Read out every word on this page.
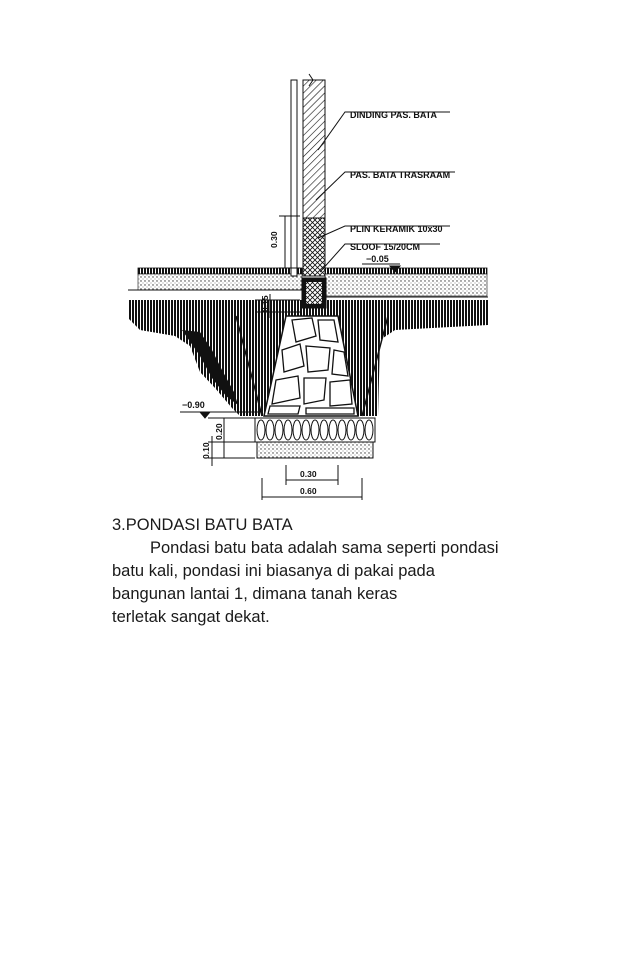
DINDING PAS. BATA
PAS. BATA TRASRAAM
PLIN KERAMIK 10x30
SLOOF 15/20CM
−0.05
−0.90
0.30
0.15
0.20
0.10
0.30
0.60
3.PONDASI BATU BATA

Pondasi batu bata adalah sama seperti pondasi

batu kali, pondasi ini biasanya di pakai pada

bangunan lantai 1, dimana tanah keras

terletak sangat dekat.
